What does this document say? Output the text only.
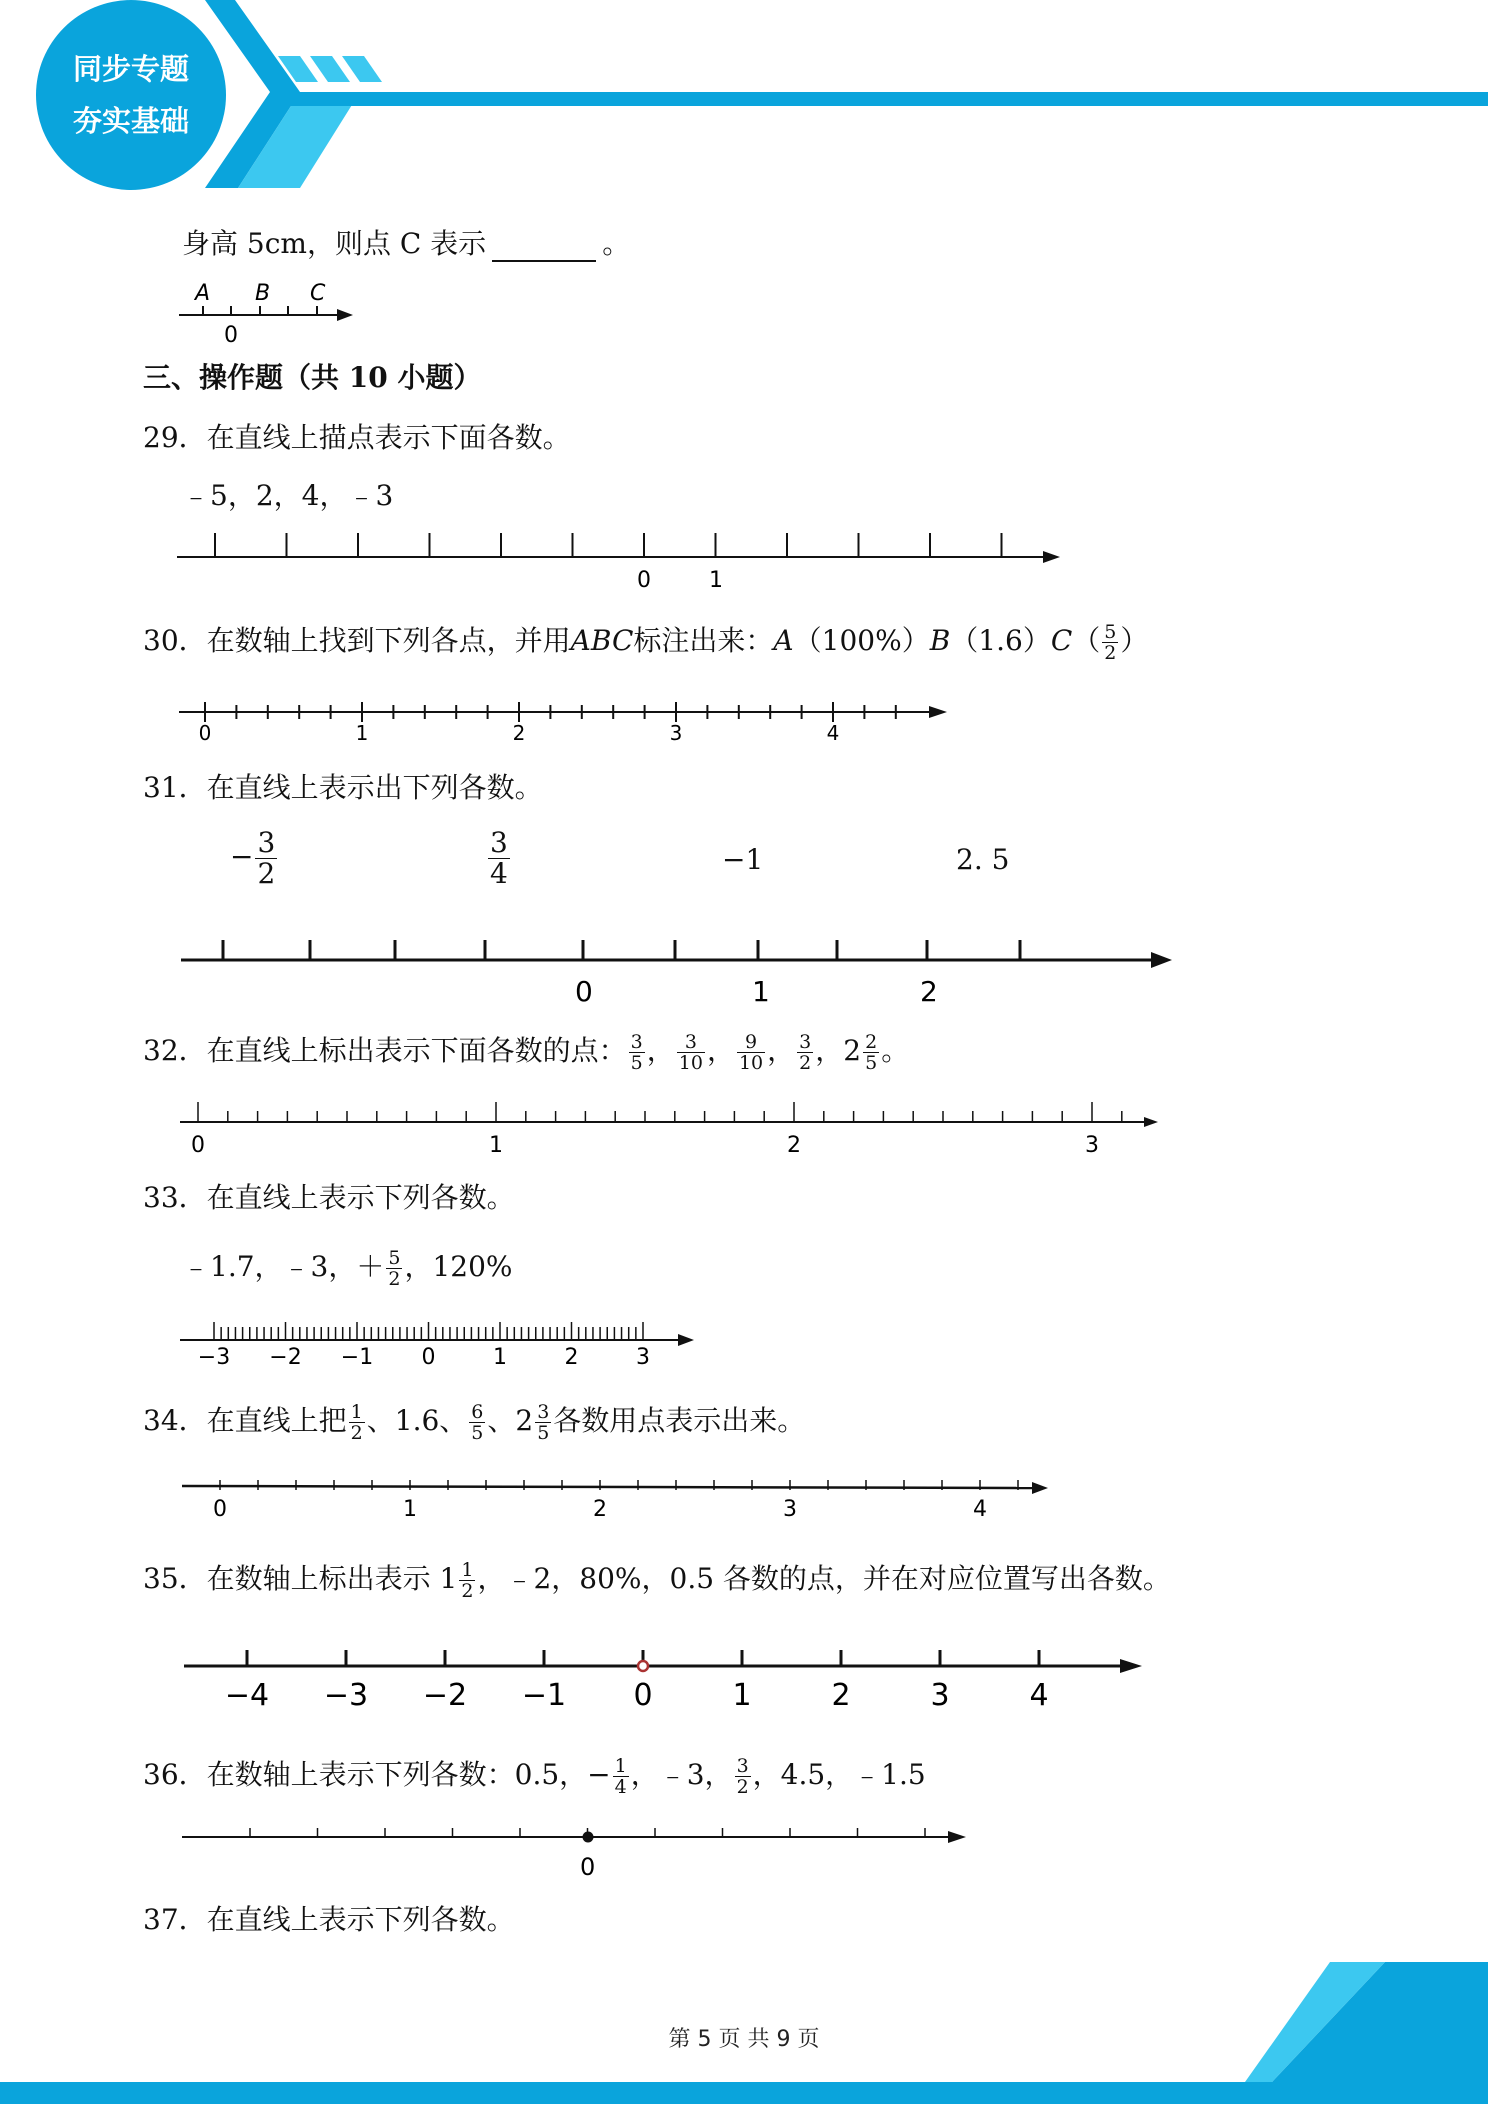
同步专题
夯实基础
身高 5cm，则点 C 表示	。
A B C
0
三、操作题（共 10 小题）
29．在直线上描点表示下面各数。
﹣5，2，4，﹣3
0	1
30．在数轴上找到下列各点，并用ABC标注出来：$A(100\%)B(1.6)C( \frac{5}{2}$ ）
0	1	2	3	4
31．在直线上表示出下列各数。
− $\frac{3}{2}$	$\frac{3}{4}$	−1	2. 5
0	1	2
32．在直线上标出表示下面各数的点： $\frac{3}{5}$ ， $\frac{3}{10}$ ， $\frac{9}{10}$ ， $\frac{3}{2}$ ，$2 \frac{2}{5}$ 。
0	1	2	3
33．在直线上表示下列各数。
﹣1.7，﹣3，＋ $\frac{5}{2}$ ，120%
−3 −2 −1 0	1	2	3
34．在直线上把 $\frac{1}{2}$ 、1.6、 $\frac{6}{5}$ 、$2 \frac{3}{5}$ 各数用点表示出来。
0	1	2	3	4
35．在数轴上标出表示 $1 \frac{1}{2}$ ，﹣2，80%，0.5 各数的点，并在对应位置写出各数。
−4 −3 −2 −1 0	1	2	3	4
36．在数轴上表示下列各数：0.5，− $\frac{1}{4}$ ，﹣3， $\frac{3}{2}$ ，4.5，﹣1.5
0
37．在直线上表示下列各数。
第 5 页 共 9 页
